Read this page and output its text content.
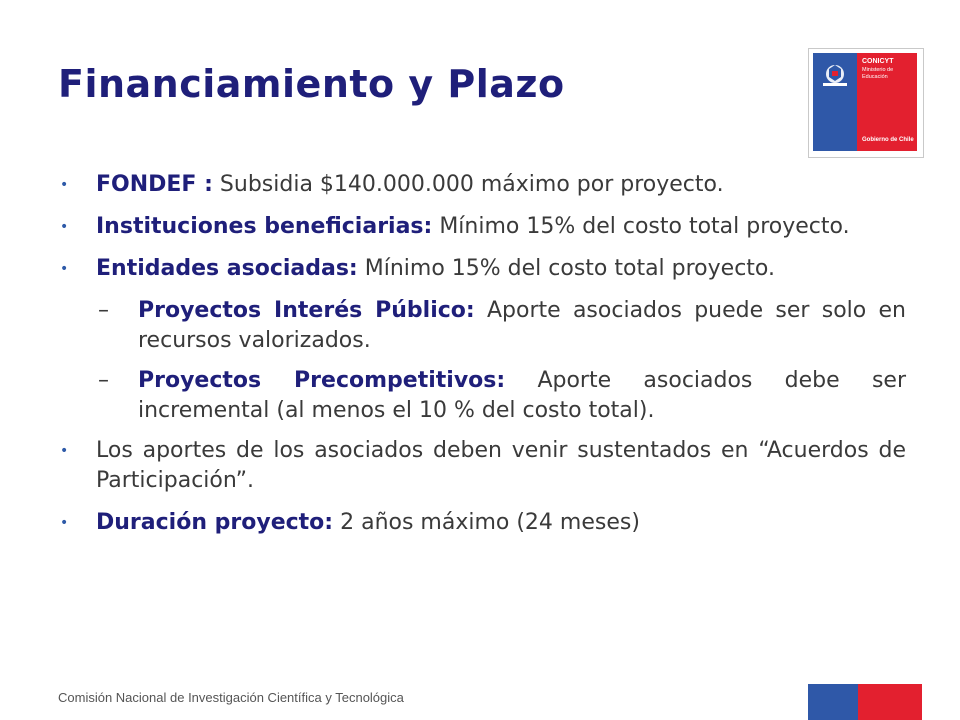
Financiamiento y Plazo
CONICYT
Ministerio de Educación
Gobierno de Chile

• FONDEF : Subsidia $140.000.000 máximo por proyecto.

• Instituciones beneficiarias: Mínimo 15% del costo total proyecto.

• Entidades asociadas: Mínimo 15% del costo total proyecto.

– Proyectos Interés Público: Aporte asociados puede ser solo en recursos valorizados.

– Proyectos Precompetitivos: Aporte asociados debe ser incremental (al menos el 10 % del costo total).

• Los aportes de los asociados deben venir sustentados en “Acuerdos de Participación”.

• Duración proyecto: 2 años máximo (24 meses)

Comisión Nacional de Investigación Científica y Tecnológica
